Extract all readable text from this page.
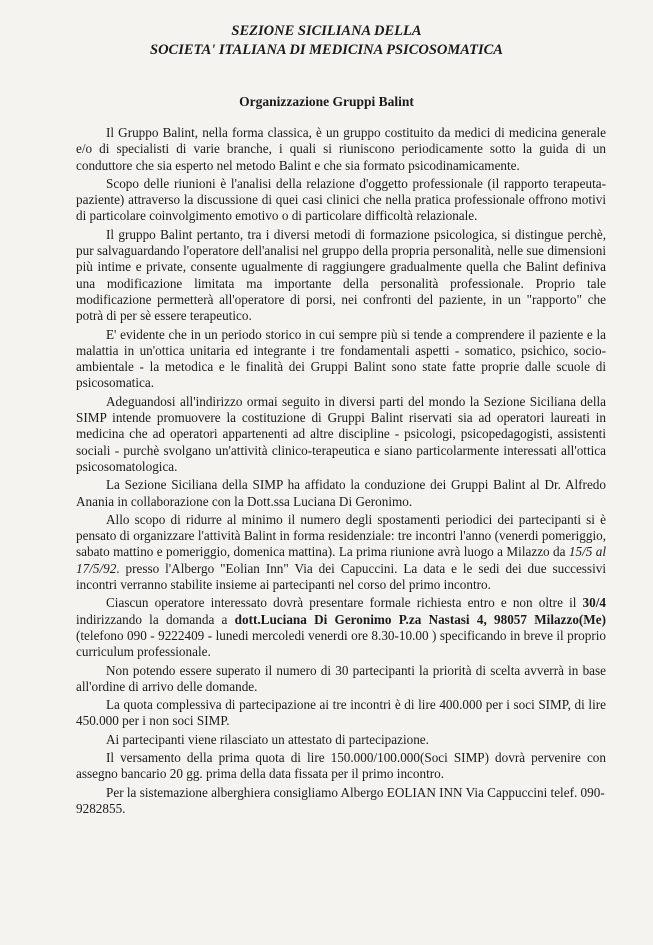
SEZIONE SICILIANA DELLA
SOCIETA' ITALIANA DI MEDICINA PSICOSOMATICA
Organizzazione Gruppi Balint

Il Gruppo Balint, nella forma classica, è un gruppo costituito da medici di medicina generale e/o di specialisti di varie branche, i quali si riuniscono periodicamente sotto la guida di un conduttore che sia esperto nel metodo Balint e che sia formato psicodinamicamente.

Scopo delle riunioni è l'analisi della relazione d'oggetto professionale (il rapporto terapeuta-paziente) attraverso la discussione di quei casi clinici che nella pratica professionale offrono motivi di particolare coinvolgimento emotivo o di particolare difficoltà relazionale.

Il gruppo Balint pertanto, tra i diversi metodi di formazione psicologica, si distingue perchè, pur salvaguardando l'operatore dell'analisi nel gruppo della propria personalità, nelle sue dimensioni più intime e private, consente ugualmente di raggiungere gradualmente quella che Balint definiva una modificazione limitata ma importante della personalità professionale. Proprio tale modificazione permetterà all'operatore di porsi, nei confronti del paziente, in un "rapporto" che potrà di per sè essere terapeutico.

E' evidente che in un periodo storico in cui sempre più si tende a comprendere il paziente e la malattia in un'ottica unitaria ed integrante i tre fondamentali aspetti - somatico, psichico, socio-ambientale - la metodica e le finalità dei Gruppi Balint sono state fatte proprie dalle scuole di psicosomatica.

Adeguandosi all'indirizzo ormai seguito in diversi parti del mondo la Sezione Siciliana della SIMP intende promuovere la costituzione di Gruppi Balint riservati sia ad operatori laureati in medicina che ad operatori appartenenti ad altre discipline - psicologi, psicopedagogisti, assistenti sociali - purchè svolgano un'attività clinico-terapeutica e siano particolarmente interessati all'ottica psicosomatologica.

La Sezione Siciliana della SIMP ha affidato la conduzione dei Gruppi Balint al Dr. Alfredo Anania in collaborazione con la Dott.ssa Luciana Di Geronimo.

Allo scopo di ridurre al minimo il numero degli spostamenti periodici dei partecipanti si è pensato di organizzare l'attività Balint in forma residenziale: tre incontri l'anno (venerdi pomeriggio, sabato mattino e pomeriggio, domenica mattina). La prima riunione avrà luogo a Milazzo da 15/5 al 17/5/92. presso l'Albergo "Eolian Inn" Via dei Capuccini. La data e le sedi dei due successivi incontri verranno stabilite insieme ai partecipanti nel corso del primo incontro.

Ciascun operatore interessato dovrà presentare formale richiesta entro e non oltre il 30/4 indirizzando la domanda a dott.Luciana Di Geronimo P.za Nastasi 4, 98057 Milazzo(Me) (telefono 090 - 9222409 - lunedi mercoledi venerdi ore 8.30-10.00 ) specificando in breve il proprio curriculum professionale.

Non potendo essere superato il numero di 30 partecipanti la priorità di scelta avverrà in base all'ordine di arrivo delle domande.

La quota complessiva di partecipazione ai tre incontri è di lire 400.000 per i soci SIMP, di lire 450.000 per i non soci SIMP.

Ai partecipanti viene rilasciato un attestato di partecipazione.

Il versamento della prima quota di lire 150.000/100.000(Soci SIMP) dovrà pervenire con assegno bancario 20 gg. prima della data fissata per il primo incontro.

Per la sistemazione alberghiera consigliamo Albergo EOLIAN INN Via Cappuccini telef. 090-9282855.
